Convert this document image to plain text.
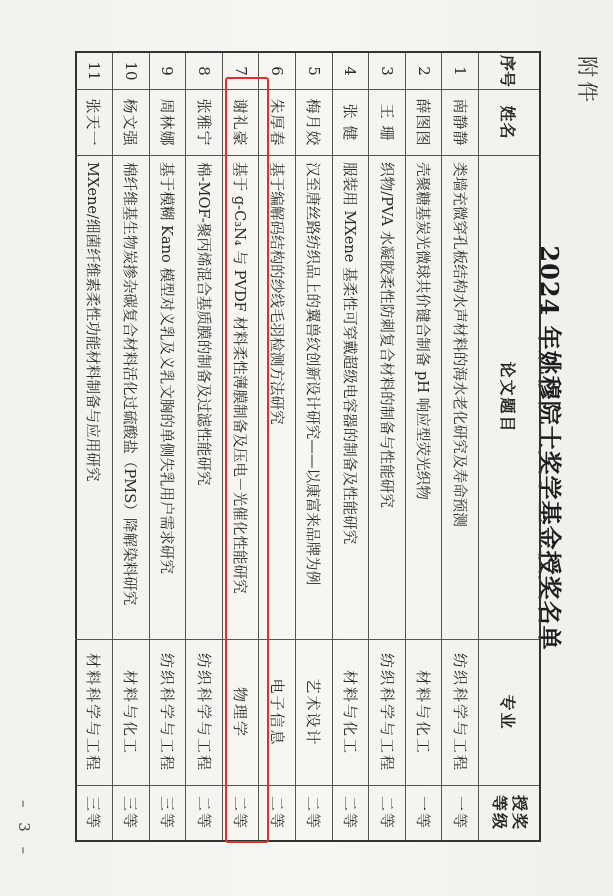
附件
2024 年姚穆院士奖学基金授奖名单
序号
姓名
论文题目
专业
授奖
等级
1
南静静
类墙充微穿孔板结构水声材料的海水老化研究及寿命预测
纺织科学与工程
一等
2
薛图图
壳聚糖基炭光微球共价键合制备 pH 响应型荧光织物
材料与化工
一等
3
王 珊
织物/PVA 水凝胶柔性防刺复合材料的制备与性能研究
纺织科学与工程
二等
4
张 健
服装用 MXene 基柔性可穿戴超级电容器的制备及性能研究
材料与化工
二等
5
梅月姣
汉至唐丝路纺织品上的翼兽纹创新设计研究——以康富来品牌为例
艺术设计
二等
6
朱厚春
基于编解码结构的纱线毛羽检测方法研究
电子信息
二等
7
谢礼豪
基于 g-C₃N₄ 与 PVDF 材料柔性薄膜制备及压电－光催化性能研究
物理学
二等
8
张雅宁
棉-MOF-聚丙烯混合基质膜的制备及过滤性能研究
纺织科学与工程
二等
9
周林娜
基于模糊 Kano 模型对义乳及义乳文胸的单侧失乳用户需求研究
纺织科学与工程
三等
10
杨文强
棉纤维基生物炭掺杂碳复合材料活化过硫酸盐（PMS）降解染料研究
材料与化工
三等
11
张天一
MXene/细菌纤维素柔性功能材料制备与应用研究
材料科学与工程
三等
– 3 –
